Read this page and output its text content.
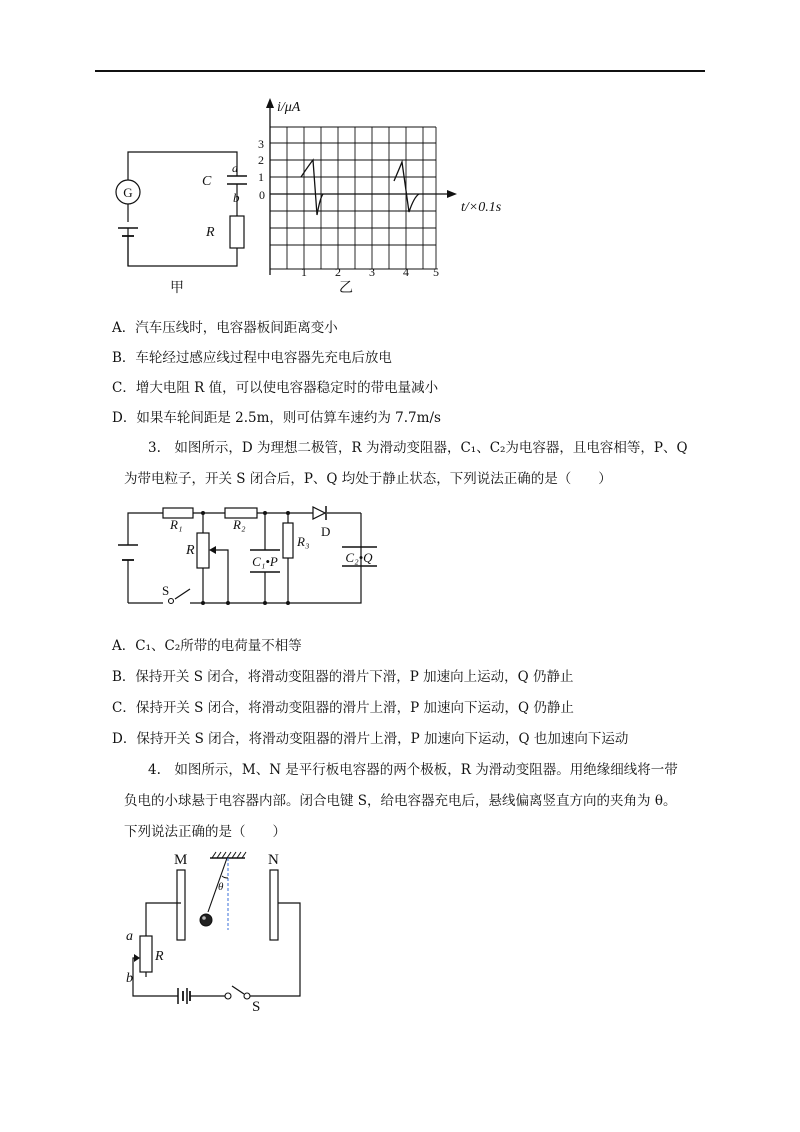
G
C
a
b
R
甲
i/μA
t/×0.1s
3
2
1
0
1 2 3 4 5
乙
A．汽车压线时，电容器板间距离变小
B．车轮经过感应线过程中电容器先充电后放电
C．增大电阻 R 值，可以使电容器稳定时的带电量减小
D．如果车轮间距是 2.5m，则可估算车速约为 7.7m/s
3.　如图所示，D 为理想二极管，R 为滑动变阻器，C₁、C₂为电容器，且电容相等，P、Q
为带电粒子，开关 S 闭合后，P、Q 均处于静止状态，下列说法正确的是（　　）
R₁	R₂
R
R₃
D
C₁•P	C₂•Q
S
A．C₁、C₂所带的电荷量不相等
B．保持开关 S 闭合，将滑动变阻器的滑片下滑，P 加速向上运动，Q 仍静止
C．保持开关 S 闭合，将滑动变阻器的滑片上滑，P 加速向下运动，Q 仍静止
D．保持开关 S 闭合，将滑动变阻器的滑片上滑，P 加速向下运动，Q 也加速向下运动
4.　如图所示，M、N 是平行板电容器的两个极板，R 为滑动变阻器。用绝缘细线将一带
负电的小球悬于电容器内部。闭合电键 S，给电容器充电后，悬线偏离竖直方向的夹角为 θ。
下列说法正确的是（　　）
M	N
θ
a
R
b
S
